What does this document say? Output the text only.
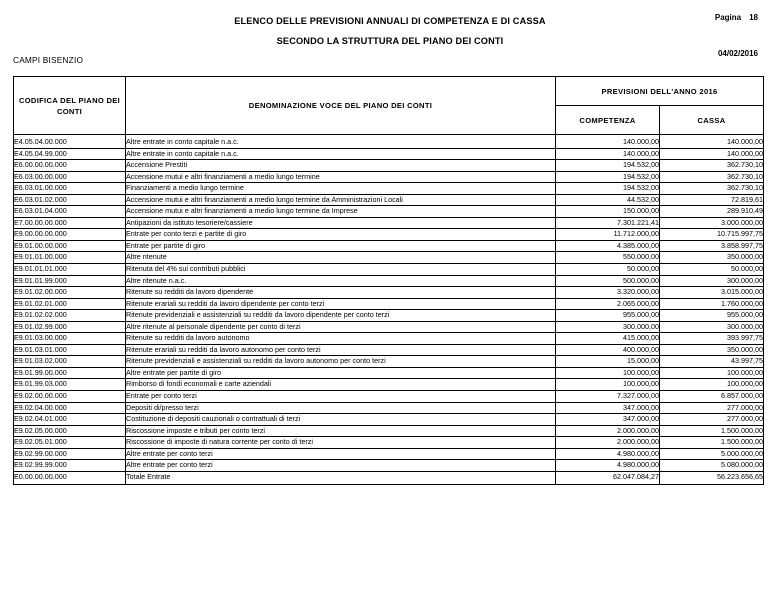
ELENCO DELLE PREVISIONI ANNUALI DI COMPETENZA E DI CASSA
SECONDO LA STRUTTURA DEL PIANO DEI CONTI
Pagina 18
04/02/2016
CAMPI BISENZIO
CODIFICA DEL PIANO DEI CONTI	DENOMINAZIONE VOCE DEL PIANO DEI CONTI	PREVISIONI DELL'ANNO 2016	
		COMPETENZA	CASSA
E4.05.04.00.000	Altre entrate in conto capitale n.a.c.	140.000,00	140.000,00
E4.05.04.99.000	Altre entrate in conto capitale n.a.c.	140.000,00	140.000,00
E6.00.00.00.000	Accensione Prestiti	194.532,00	362.730,10
E6.03.00.00.000	Accensione mutui e altri finanziamenti a medio lungo termine	194.532,00	362.730,10
E6.03.01.00.000	Finanziamenti a medio lungo termine	194.532,00	362.730,10
E6.03.01.02.000	Accensione mutui e altri finanziamenti a medio lungo termine da Amministrazioni Locali	44.532,00	72.819,61
E6.03.01.04.000	Accensione mutui e altri finanziamenti a medio lungo termine da Imprese	150.000,00	289.910,49
E7.00.00.00.000	Antipazioni da istituto tesoriere/cassiere	7.301.221,41	3.000.000,00
E9.00.00.00.000	Entrate per conto terzi e partite di giro	11.712.000,00	10.715.997,75
E9.01.00.00.000	Entrate per partite di giro	4.385.000,00	3.858.997,75
E9.01.01.00.000	Altre ritenute	550.000,00	350.000,00
E9.01.01.01.000	Ritenuta del 4% sui contributi pubblici	50.000,00	50.000,00
E9.01.01.99.000	Altre ritenute n.a.c.	500.000,00	300.000,00
E9.01.02.00.000	Ritenute su redditi da lavoro dipendente	3.320.000,00	3.015.000,00
E9.01.02.01.000	Ritenute erariali su redditi da lavoro dipendente per conto terzi	2.065.000,00	1.760.000,00
E9.01.02.02.000	Ritenute previdenziali e assistenziali su redditi da lavoro dipendente per conto terzi	955.000,00	955.000,00
E9.01.02.99.000	Altre ritenute al personale dipendente per conto di terzi	300.000,00	300.000,00
E9.01.03.00.000	Ritenute su redditi da lavoro autonomo	415.000,00	393.997,75
E9.01.03.01.000	Ritenute erariali su redditi da lavoro autonomo per conto terzi	400.000,00	350.000,00
E9.01.03.02.000	Ritenute previdenziali e assistenziali su redditi da lavoro autonomo per conto terzi	15.000,00	43.997,75
E9.01.99.00.000	Altre entrate per partite di giro	100.000,00	100.000,00
E9.01.99.03.000	Rimborso di fondi economali e carte aziendali	100.000,00	100.000,00
E9.02.00.00.000	Entrate per conto terzi	7.327.000,00	6.857.000,00
E9.02.04.00.000	Depositi di/presso terzi	347.000,00	277.000,00
E9.02.04.01.000	Costituzione di depositi cauzionali o contrattuali di terzi	347.000,00	277.000,00
E9.02.05.00.000	Riscossione imposte e tributi per conto terzi	2.000.000,00	1.500.000,00
E9.02.05.01.000	Riscossione di imposte di natura corrente per conto di terzi	2.000.000,00	1.500.000,00
E9.02.99.00.000	Altre entrate per conto terzi	4.980.000,00	5.000.000,00
E9.02.99.99.000	Altre entrate per conto terzi	4.980.000,00	5.080.000,00
E0.00.00.00.000	Totale Entrate	62.047.084,27	56.223.656,65
